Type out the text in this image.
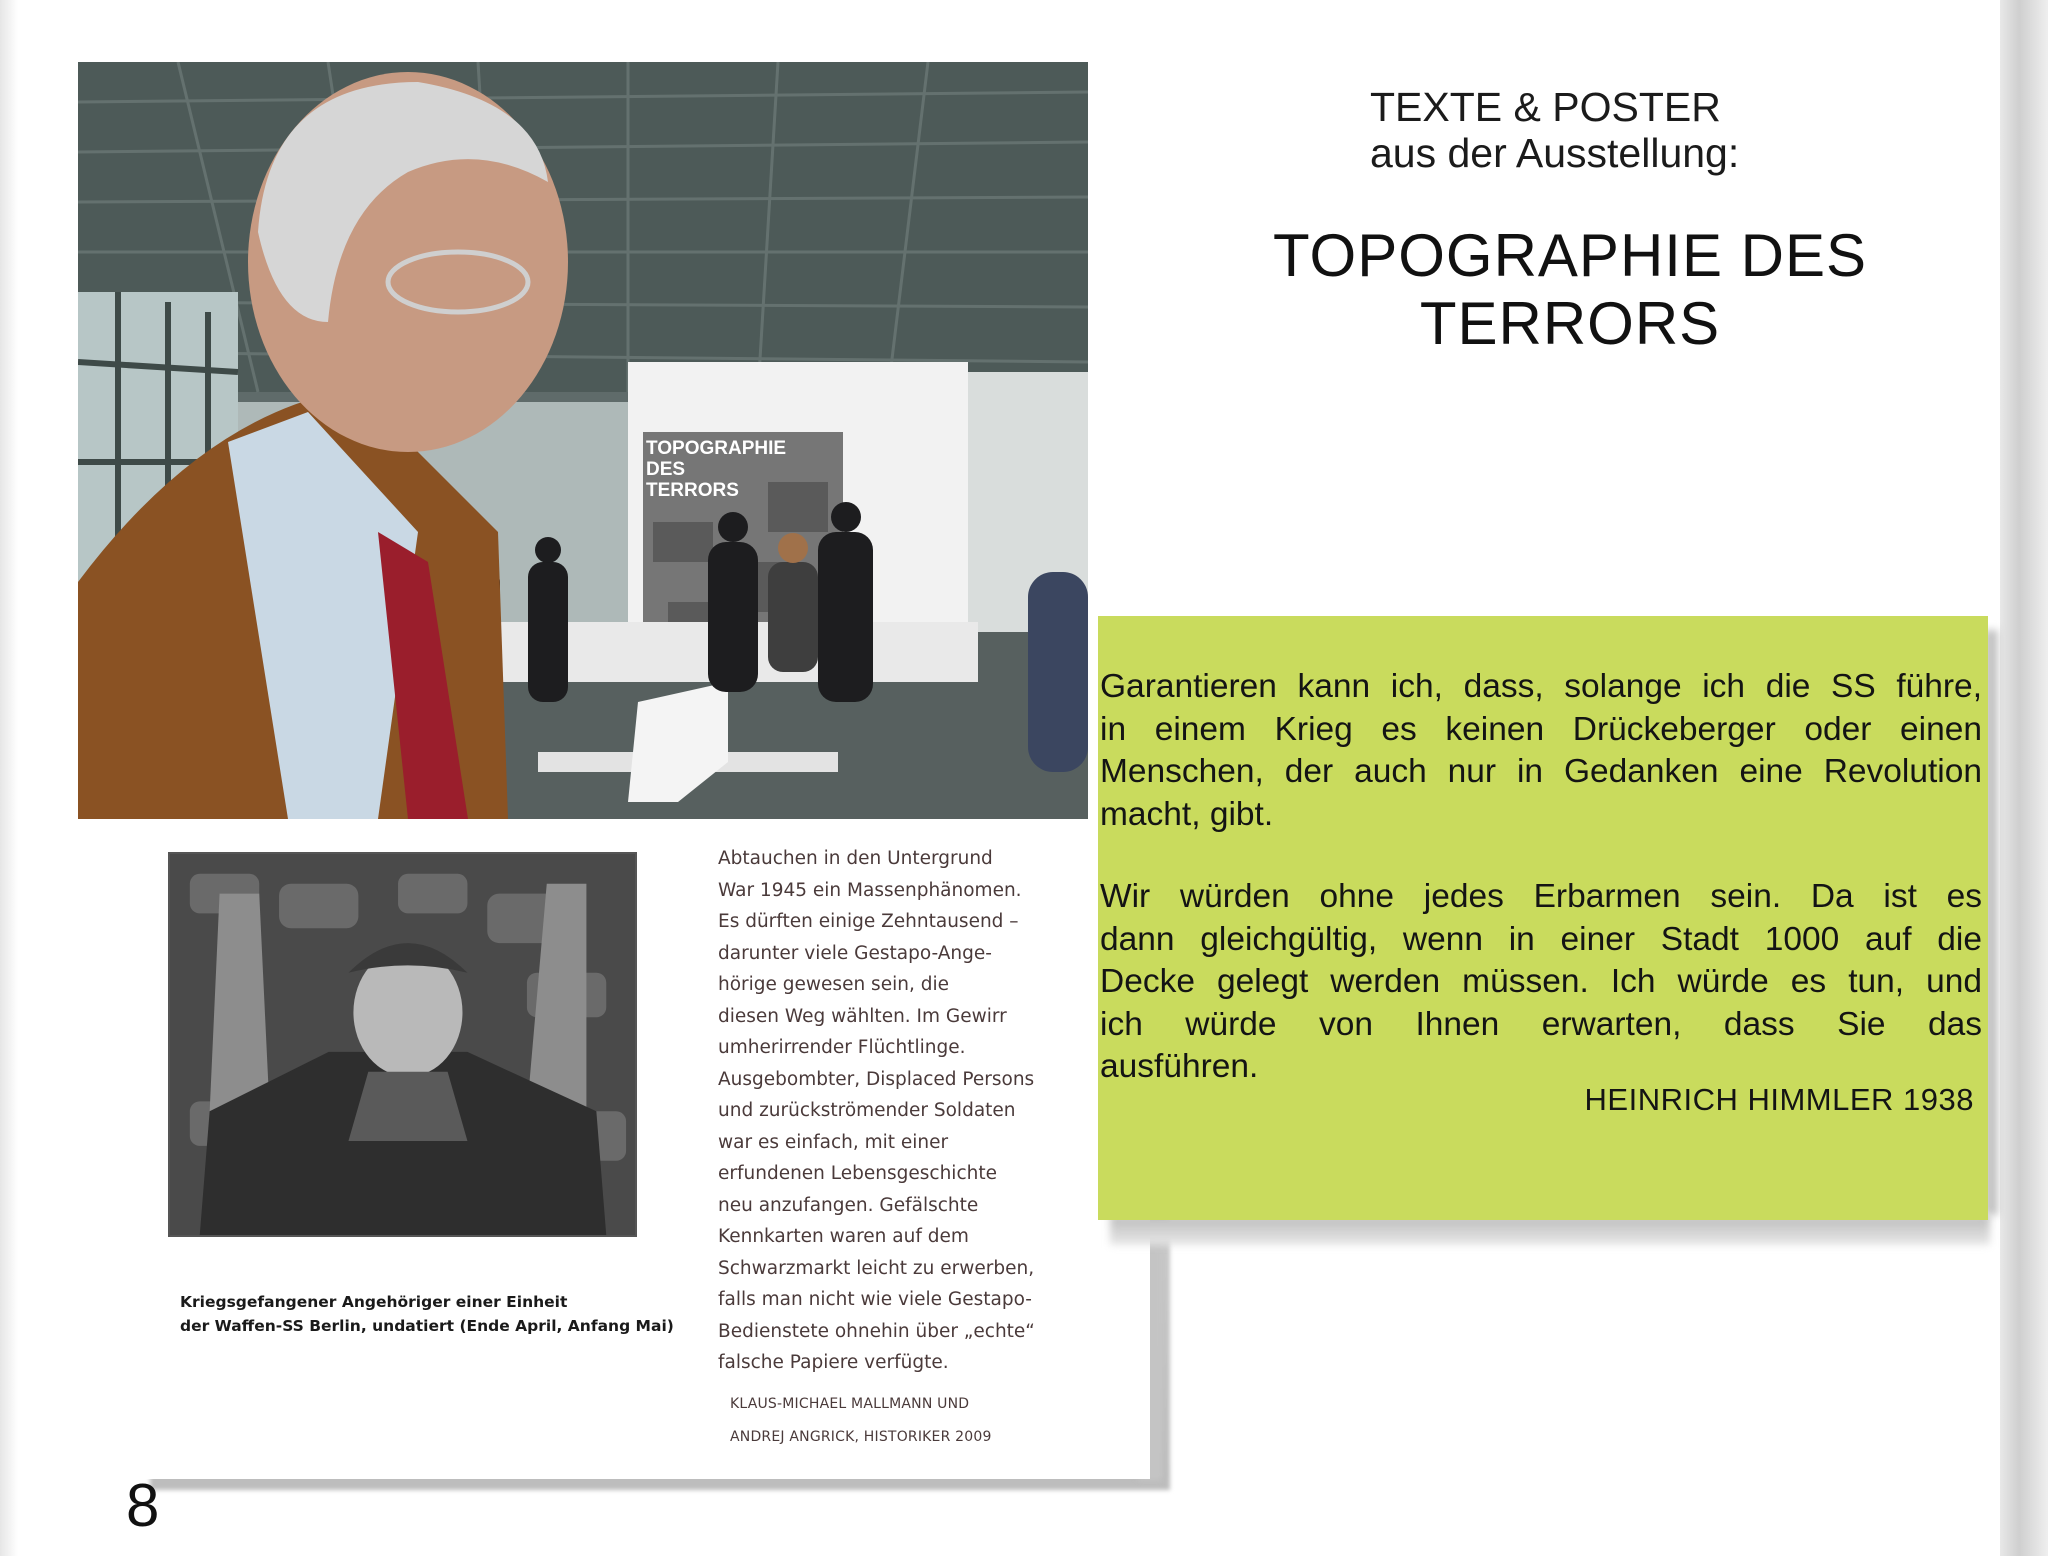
TOPOGRAPHIE
DES
TERRORS
Kriegsgefangener Angehöriger einer Einheit
der Waffen-SS Berlin, undatiert (Ende April, Anfang Mai)
Abtauchen in den Untergrund
War 1945 ein Massenphänomen.
Es dürften einige Zehntausend –
darunter viele Gestapo-Ange-
hörige gewesen sein, die
diesen Weg wählten. Im Gewirr
umherirrender Flüchtlinge.
Ausgebombter, Displaced Persons
und zurückströmender Soldaten
war es einfach, mit einer
erfundenen Lebensgeschichte
neu anzufangen. Gefälschte
Kennkarten waren auf dem
Schwarzmarkt leicht zu erwerben,
falls man nicht wie viele Gestapo-
Bedienstete ohnehin über „echte“
falsche Papiere verfügte.
KLAUS-MICHAEL MALLMANN UND
ANDREJ ANGRICK, HISTORIKER 2009
TEXTE & POSTER
aus der Ausstellung:
TOPOGRAPHIE DES
TERRORS
Garantieren kann ich, dass, solange ich die SS führe,
in einem Krieg es keinen Drückeberger oder einen
Menschen, der auch nur in Gedanken eine Revolution
macht, gibt.
Wir würden ohne jedes Erbarmen sein. Da ist es
dann gleichgültig, wenn in einer Stadt 1000 auf die
Decke gelegt werden müssen. Ich würde es tun, und
ich würde von Ihnen erwarten, dass Sie das
ausführen.
HEINRICH HIMMLER 1938
8
